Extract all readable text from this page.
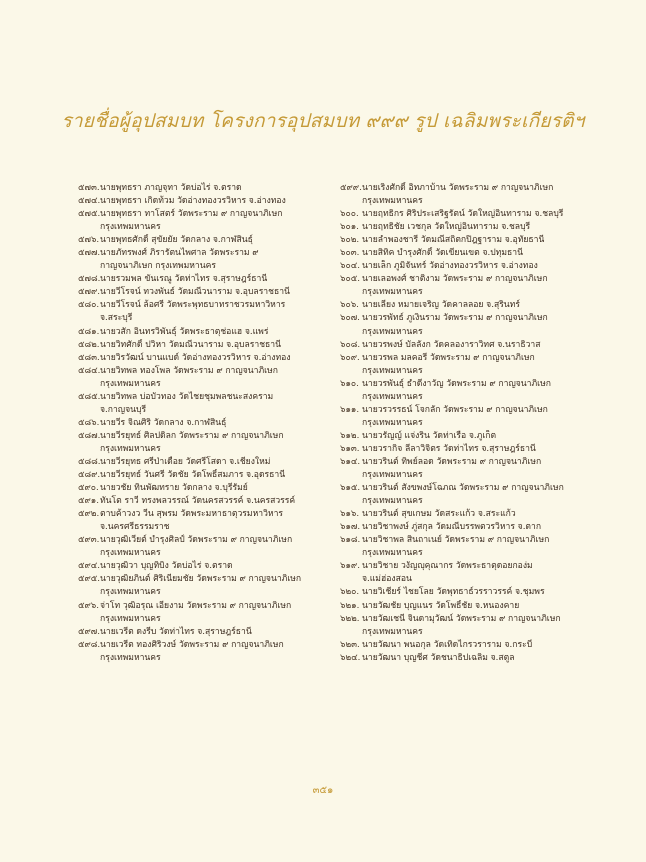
รายชื่อผู้อุปสมบท โครงการอุปสมบท ๙๙๙ รูป เฉลิมพระเกียรติฯ
๕๗๓. นายพุทธรา ภาญจุทา วัดบ่อไร่ จ.ตราด
๕๗๔. นายพุทธรา เกิดท้วม วัดอ่างทองวรวิหาร จ.อ่างทอง
๕๗๕. นายพุทธรา ทาโสตร์ วัดพระราม ๙ กาญจนาภิเษก
กรุงเทพมหานคร
๕๗๖. นายพุทธศักดิ์ สุขัยยัย วัดกลาง จ.กาฬสินธุ์
๕๗๗. นายภัทรพงศ์ ภิรารัตนไพศาล วัดพระราม ๙
กาญจนาภิเษก กรุงเทพมหานคร
๕๗๘. นายรวมพล ขันเรณู วัดท่าไทร จ.สุราษฎร์ธานี
๕๗๙. นายวีโรจน์ ทวงพันธ์ วัดมณีวนาราม จ.อุบลราชธานี
๕๘๐. นายวีโรจน์ ล้อศรี วัดพระพุทธบาทราชวรมหาวิหาร
จ.สระบุรี
๕๘๑. นายวสัก อินทรวิพันธุ์ วัดพระธาตุช่อแฮ จ.แพร่
๕๘๒. นายวิทศักดิ์ ปวิหา วัดมณีวนาราม จ.อุบลราชธานี
๕๘๓. นายวิรวัฒน์ บานแบด์ วัดอ่างทองวรวิหาร จ.อ่างทอง
๕๘๔. นายวิทพล ทองโพล วัดพระราม ๙ กาญจนาภิเษก
กรุงเทพมหานคร
๕๘๕. นายวิทพล บ่อบัวทอง วัดไชยชุมพลชนะสงคราม
จ.กาญจนบุรี
๕๘๖. นายวีร จิณศิริ วัดกลาง จ.กาฬสินธุ์
๕๘๗. นายวีรยุทธ์ ศิลปดิลก วัดพระราม ๙ กาญจนาภิเษก
กรุงเทพมหานคร
๕๘๘. นายวีรยุทธ ศรีป่าเดื่อย วัดศรีโสดา จ.เชียงใหม่
๕๘๙. นายวีรยุทธ์ วันศรี วัดชัย วัดโพธิ์สมภาร จ.อุดรธานี
๕๙๐. นายวชัย ทินพัฒทราย วัดกลาง จ.บุรีรัมย์
๕๙๑. ทันโต ราวี ทรงพลวรรณ์ วัดนครสวรรค์ จ.นครสวรรค์
๕๙๒. ตาบค้าวงว วีน สุพรม วัดพระมหาธาตุวรมหาวิหาร
จ.นครศรีธรรมราช
๕๙๓. นายวุฒิเวียต์ บำรุงศิลป์ วัดพระราม ๙ กาญจนาภิเษก
กรุงเทพมหานคร
๕๙๔. นายวุฒิวา บุญทิบิง วัดบ่อไร่ จ.ตราด
๕๙๕. นายวุฒิยภินต์ ศิริเนียมชัย วัดพระราม ๙ กาญจนาภิเษก
กรุงเทพมหานคร
๕๙๖. จ่าโท วุฒิอรุณ เอียงาม วัดพระราม ๙ กาญจนาภิเษก
กรุงเทพมหานคร
๕๙๗. นายเวรีต ดงรีบ วัดท่าไทร จ.สุราษฎร์ธานี
๕๙๘. นายเวรีต ทองศิริวงษ์ วัดพระราม ๙ กาญจนาภิเษก
กรุงเทพมหานคร
๕๙๙. นายเริงศักดิ์ อิทภาบ้าน วัดพระราม ๙ กาญจนาภิเษก
กรุงเทพมหานคร
๖๐๐. นายฤทธิกร ศิริประเสริฐรัตน์ วัดใหญ่อินทาราม จ.ชลบุรี
๖๐๑. นายฤทธิชัย เวชกุล วัดใหญ่อินทาราม จ.ชลบุรี
๖๐๒. นายลำพองชารี วัดมณีสถิตกปิฎฐาราม จ.อุทัยธานี
๖๐๓. นายสิทิค บำรุงศักดิ์ วัดเขียนเขต จ.ปทุมธานี
๖๐๔. นายเล็ก ภูมิจันทร์ วัดอ่างทองวรวิหาร จ.อ่างทอง
๖๐๕. นายเลอพงศ์ ชาติงาม วัดพระราม ๙ กาญจนาภิเษก
กรุงเทพมหานคร
๖๐๖. นายเลียง หมายเจริญ วัดคาลลอย จ.สุรินทร์
๖๐๗. นายวรพัทธ์ ภูเงินราม วัดพระราม ๙ กาญจนาภิเษก
กรุงเทพมหานคร
๖๐๘. นายวรพงษ์ บัลลังก วัดคลองาราวิทศ จ.นราธิวาส
๖๐๙. นายวรพล มลคอรี วัดพระราม ๙ กาญจนาภิเษก
กรุงเทพมหานคร
๖๑๐. นายวรพันธ์ุ ธำดีงาวัญ วัดพระราม ๙ กาญจนาภิเษก
กรุงเทพมหานคร
๖๑๑. นายวรวรรธน์ โจกลัก วัดพระราม ๙ กาญจนาภิเษก
กรุงเทพมหานคร
๖๑๒. นายวรัญญ์ แจ่งริน วัดท่าเรือ จ.ภูเก็ต
๖๑๓. นายวรากิจ ลีลาวิจิตร วัดท่าไทร จ.สุราษฎร์ธานี
๖๑๔. นายวรินต์ ทิพย์ลอด วัดพระราม ๙ กาญจนาภิเษก
กรุงเทพมหานคร
๖๑๕. นายวรินต์ สังขพงษ์โฉภณ วัดพระราม ๙ กาญจนาภิเษก
กรุงเทพมหานคร
๖๑๖. นายวรินต์ สุขเกษม วัดสระแก้ว จ.สระแก้ว
๖๑๗. นายวิชาพงษ์ ภู่สกุล วัดมณีบรรพตวรวิหาร จ.ตาก
๖๑๘. นายวิชาพล สินถาเนย์ วัดพระราม ๙ กาญจนาภิเษก
กรุงเทพมหานคร
๖๑๙. นายวิชาย วงัญญุคุณากร วัดพระธาตุดอยกอง่ม
จ.แม่ฮ่องสอน
๖๒๐. นายวิเชียร์ ไชยโลย วัดพุทธาธ์วรราวรรค์ จ.ชุมพร
๖๒๑. นายวัฒชัย บุญแนร วัดโพธิ์ชัย จ.หนองคาย
๖๒๒. นายวัฒเชนี จินดามุวัฒน์ วัดพระราม ๙ กาญจนาภิเษก
กรุงเทพมหานคร
๖๒๓. นายวัฒนา พนอกุล วัดเทิดไกรวราราม จ.กระบี่
๖๒๔. นายวัฒนา บุญชีศ วัดชนาธิปเฉลิม จ.สตูล
๓๕๑
